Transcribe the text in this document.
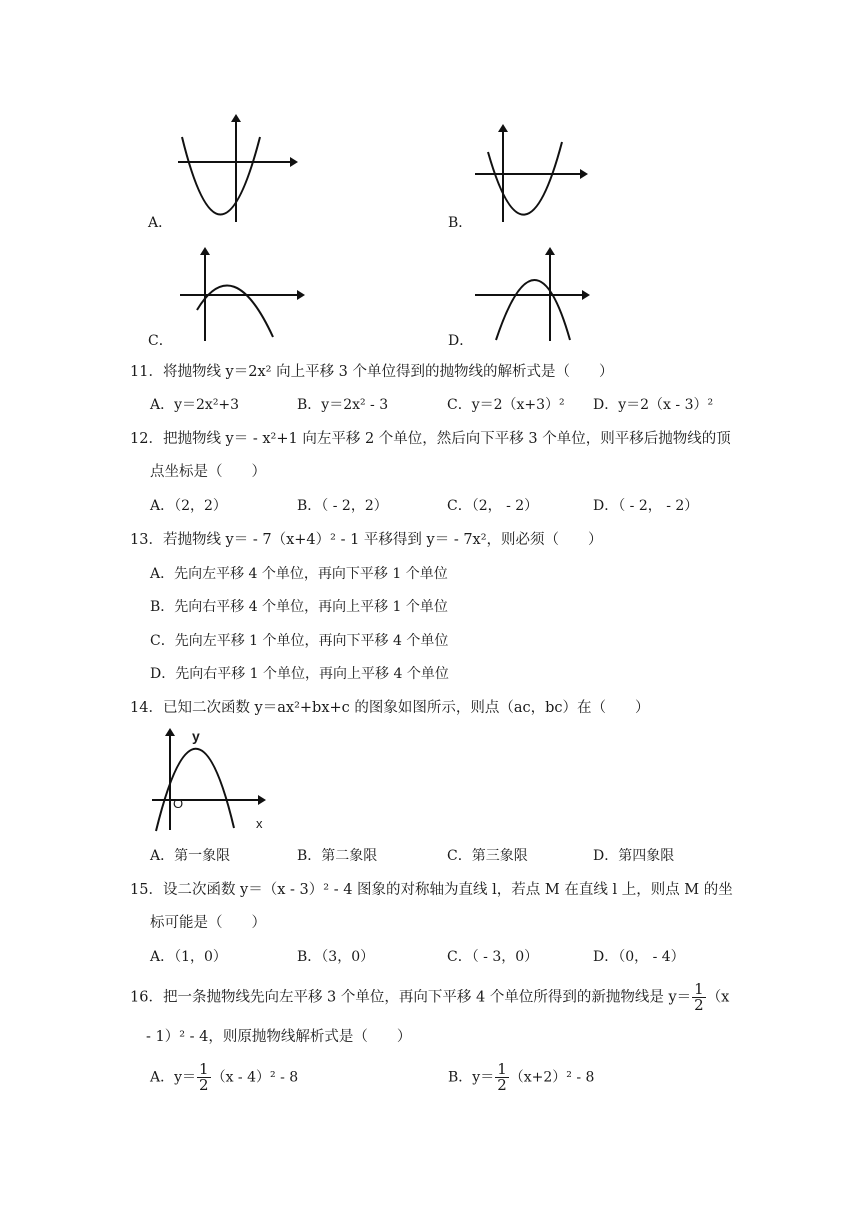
A．	B．
C．	D．
11．将抛物线 y＝2x² 向上平移 3 个单位得到的抛物线的解析式是（　　）
A．y＝2x²+3	B．y＝2x² - 3	C．y＝2（x+3）² D．y＝2（x - 3）²
12．把抛物线 y＝ - x²+1 向左平移 2 个单位，然后向下平移 3 个单位，则平移后抛物线的顶
点坐标是（　　）
A．（2，2）	B．（ - 2，2）	C．（2， - 2）	D．（ - 2， - 2）
13．若抛物线 y＝ - 7（x+4）² - 1 平移得到 y＝ - 7x²，则必须（　　）
A．先向左平移 4 个单位，再向下平移 1 个单位
B．先向右平移 4 个单位，再向上平移 1 个单位
C．先向左平移 1 个单位，再向下平移 4 个单位
D．先向右平移 1 个单位，再向上平移 4 个单位
14．已知二次函数 y＝ax²+bx+c 的图象如图所示，则点（ac，bc）在（　　）
y
x
O
A．第一象限	B．第二象限	C．第三象限	D．第四象限
15．设二次函数 y＝（x - 3）² - 4 图象的对称轴为直线 l，若点 M 在直线 l 上，则点 M 的坐
标可能是（　　）
A．（1，0）	B．（3，0）	C．（ - 3，0）	D．（0， - 4）
16．把一条抛物线先向左平移 3 个单位，再向下平移 4 个单位所得到的新抛物线是 $y= \frac{1}{2} (x$
- 1）² - 4，则原抛物线解析式是（　　）
A．$y= \frac{1}{2} (x - 4)^2 - 8$	B．$y= \frac{1}{2} (x+2)^2 - 8$
